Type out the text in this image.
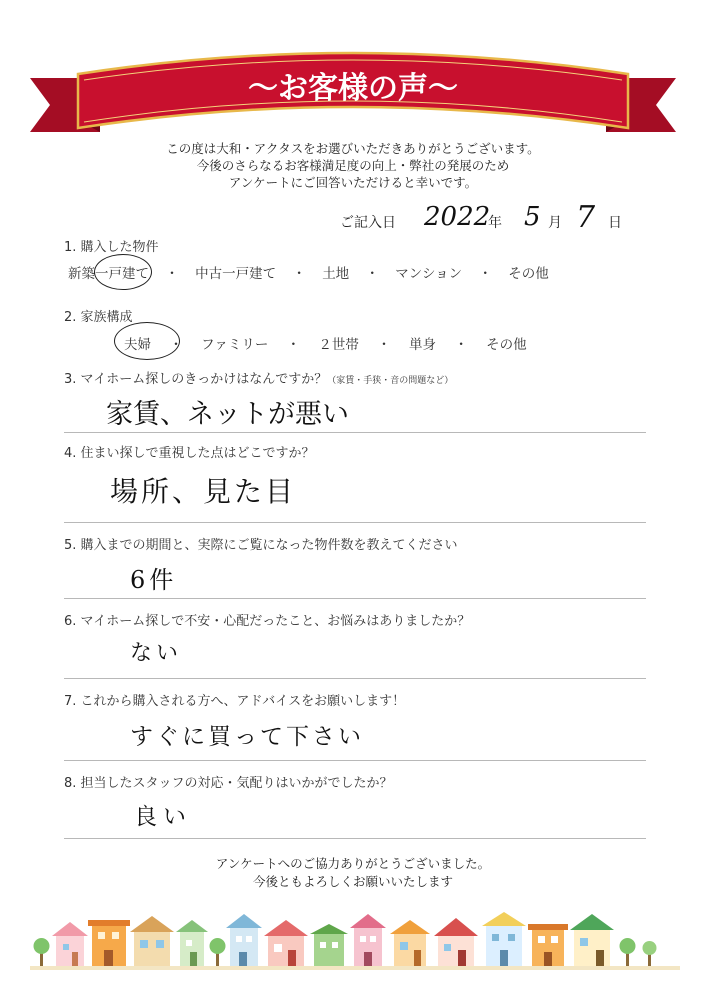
〜お客様の声〜
この度は大和・アクタスをお選びいただきありがとうございます。
今後のさらなるお客様満足度の向上・弊社の発展のため
アンケートにご回答いただけると幸いです。
ご記入日 2022
年 5 月 7 日
1. 購入した物件
新築一戸建て ・ 中古一戸建て ・ 土地 ・ マンション ・ その他
2. 家族構成
夫婦 ・ ファミリー ・ ２世帯 ・ 単身 ・ その他
3. マイホーム探しのきっかけはなんですか？（家賃・手狭・音の問題など）
家賃、ネットが悪い
4. 住まい探しで重視した点はどこですか？
場所、見た目
5. 購入までの期間と、実際にご覧になった物件数を教えてください
6件
6. マイホーム探しで不安・心配だったこと、お悩みはありましたか？
ない
7. これから購入される方へ、アドバイスをお願いします！
すぐに買って下さい
8. 担当したスタッフの対応・気配りはいかがでしたか？
良い
アンケートへのご協力ありがとうございました。
今後ともよろしくお願いいたします
